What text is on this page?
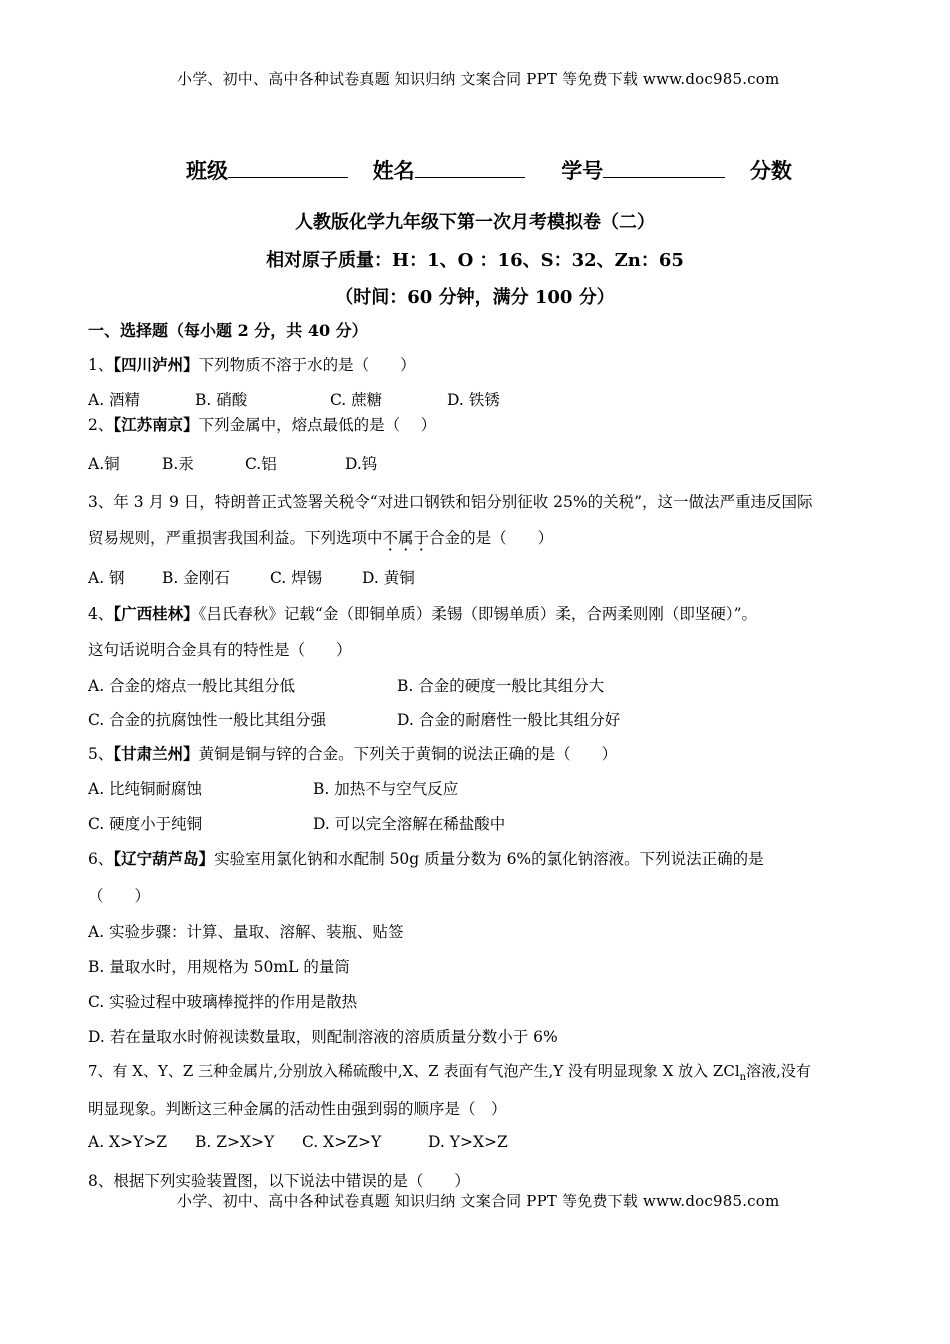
小学、初中、高中各种试卷真题 知识归纳 文案合同 PPT 等免费下载 www.doc985.com
班级	姓名	学号	分数
人教版化学九年级下第一次月考模拟卷（二）
相对原子质量：H：1、O ：16、S：32、Zn：65
（时间：60 分钟，满分 100 分）
一、选择题（每小题 2 分，共 40 分）
1、【四川泸州】下列物质不溶于水的是（　　）
A. 酒精	B. 硝酸	C. 蔗糖	D. 铁锈
2、【江苏南京】下列金属中，熔点最低的是（　 ）
A.铜	B.汞	C.铝	D.钨
3、年 3 月 9 日，特朗普正式签署关税令“对进口钢铁和铝分别征收 25%的关税”，这一做法严重违反国际
贸易规则，严重损害我国利益。下列选项中不属于合金的是（　　）
A. 钢 B. 金刚石	C. 焊锡	D. 黄铜
4、【广西桂林】《吕氏春秋》记载“金（即铜单质）柔锡（即锡单质）柔，合两柔则刚（即坚硬）”。
这句话说明合金具有的特性是（　　）
A. 合金的熔点一般比其组分低	B. 合金的硬度一般比其组分大
C. 合金的抗腐蚀性一般比其组分强	D. 合金的耐磨性一般比其组分好
5、【甘肃兰州】黄铜是铜与锌的合金。下列关于黄铜的说法正确的是（　　）
A. 比纯铜耐腐蚀	B. 加热不与空气反应
C. 硬度小于纯铜	D. 可以完全溶解在稀盐酸中
6、【辽宁葫芦岛】实验室用氯化钠和水配制 50g 质量分数为 6%的氯化钠溶液。下列说法正确的是
（　　）
A. 实验步骤：计算、量取、溶解、装瓶、贴签
B. 量取水时，用规格为 50mL 的量筒
C. 实验过程中玻璃棒搅拌的作用是散热
D. 若在量取水时俯视读数量取，则配制溶液的溶质质量分数小于 6%
7、有 X、Y、Z 三种金属片,分别放入稀硫酸中,X、Z 表面有气泡产生,Y 没有明显现象 X 放入 ZCl$_n$溶液,没有
明显现象。判断这三种金属的活动性由强到弱的顺序是（　）
A. X>Y>Z B. Z>X>Y C. X>Z>Y	D. Y>X>Z
8、根据下列实验装置图，以下说法中错误的是（　　）
小学、初中、高中各种试卷真题 知识归纳 文案合同 PPT 等免费下载 www.doc985.com
